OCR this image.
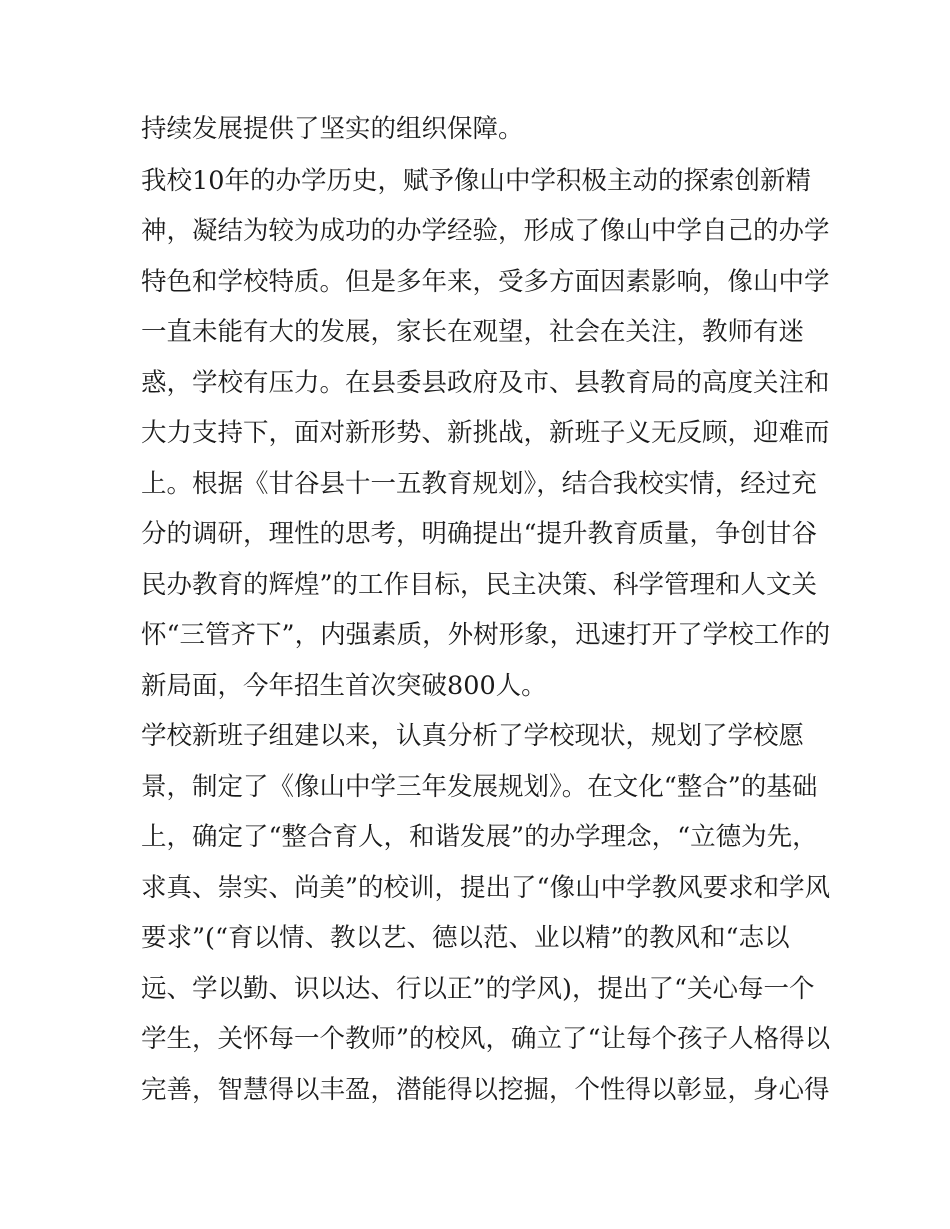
持续发展提供了坚实的组织保障。
我校10年的办学历史，赋予像山中学积极主动的探索创新精
神，凝结为较为成功的办学经验，形成了像山中学自己的办学
特色和学校特质。但是多年来，受多方面因素影响，像山中学
一直未能有大的发展，家长在观望，社会在关注，教师有迷
惑，学校有压力。在县委县政府及市、县教育局的高度关注和
大力支持下，面对新形势、新挑战，新班子义无反顾，迎难而
上。根据《甘谷县十一五教育规划》，结合我校实情，经过充
分的调研，理性的思考，明确提出“提升教育质量，争创甘谷
民办教育的辉煌”的工作目标，民主决策、科学管理和人文关
怀“三管齐下”，内强素质，外树形象，迅速打开了学校工作的
新局面，今年招生首次突破800人。
学校新班子组建以来，认真分析了学校现状，规划了学校愿
景，制定了《像山中学三年发展规划》。在文化“整合”的基础
上，确定了“整合育人，和谐发展”的办学理念，“立德为先，
求真、崇实、尚美”的校训，提出了“像山中学教风要求和学风
要求”(“育以情、教以艺、德以范、业以精”的教风和“志以
远、学以勤、识以达、行以正”的学风)，提出了“关心每一个
学生，关怀每一个教师”的校风，确立了“让每个孩子人格得以
完善，智慧得以丰盈，潜能得以挖掘，个性得以彰显，身心得
